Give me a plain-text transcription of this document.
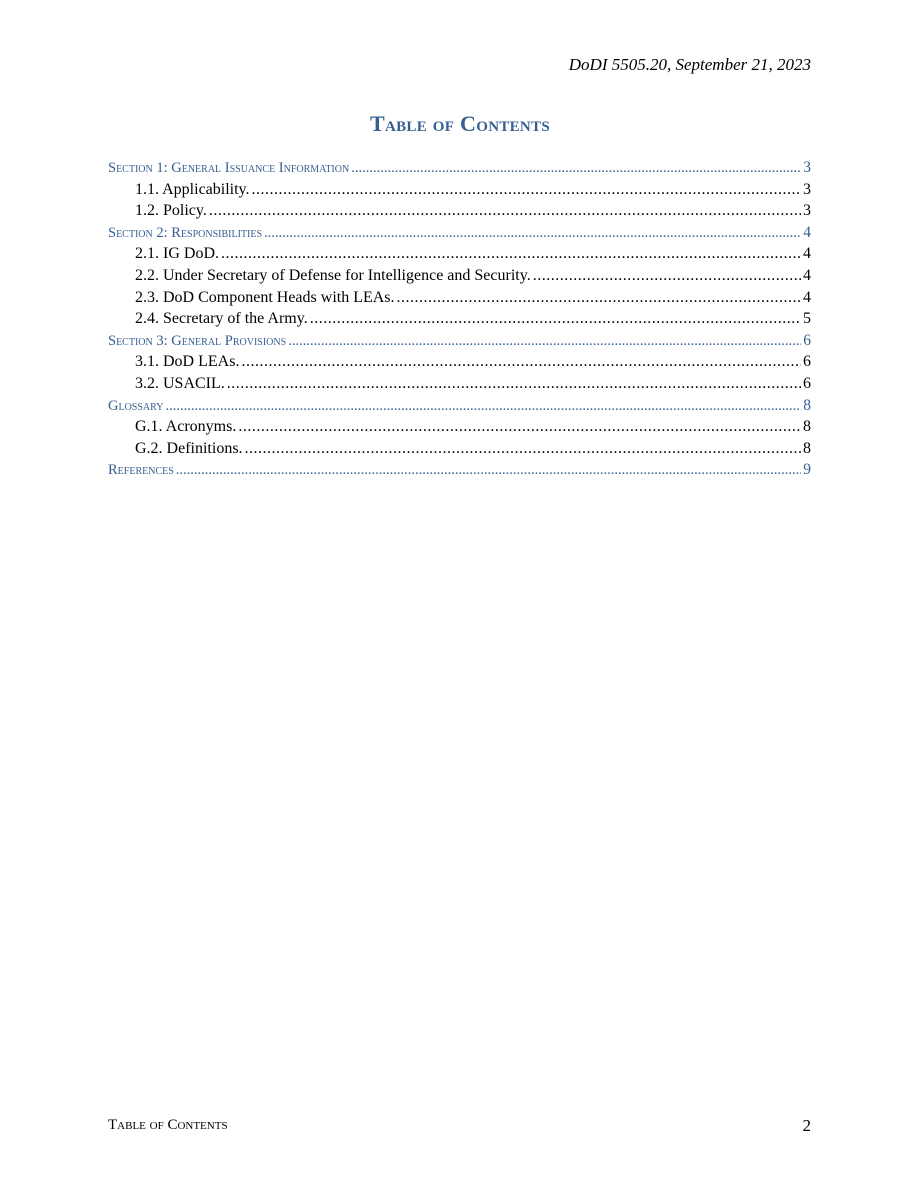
DoDI 5505.20, September 21, 2023
Table of Contents
Section 1: General Issuance Information .....	3
1.1. Applicability. .....	3
1.2. Policy. .....	3
Section 2: Responsibilities .....	4
2.1. IG DoD. .....	4
2.2. Under Secretary of Defense for Intelligence and Security. .....	4
2.3. DoD Component Heads with LEAs. .....	4
2.4. Secretary of the Army. .....	5
Section 3: General Provisions .....	6
3.1. DoD LEAs. .....	6
3.2. USACIL. .....	6
Glossary .....	8
G.1. Acronyms. .....	8
G.2. Definitions. .....	8
References .....	9
Table of Contents	2
